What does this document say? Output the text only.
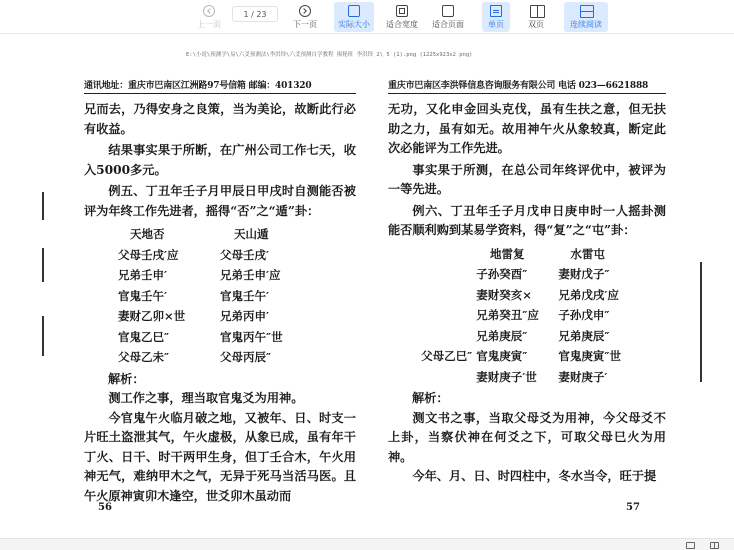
上一页
1 / 23
下一页	实际大小 适合宽度 适合页面	单页	双页	连续阅读
E:\小说\预测学\易\六爻预测法\李洪铎\六爻预测自学教程 揭秘班 李洪铎 2\ 5 (1).png (1225x923x2 png)
通讯地址：重庆市巴南区江洲路97号信箱 邮编：401320
兄而去，乃得安身之良策，当为美论，故断此行必有收益。
结果事实果于所断，在广州公司工作七天，收入5000多元。
例五、丁丑年壬子月甲辰日甲戌时自测能否被评为年终工作先进者，摇得“否”之“遁”卦：
天地否	天山遁
父母壬戌′应	父母壬戌′
兄弟壬申′	兄弟壬申′应
官鬼壬午′	官鬼壬午′
妻财乙卯×世	兄弟丙申′
官鬼乙巳″	官鬼丙午″世
父母乙未″	父母丙辰″
解析：
测工作之事，理当取官鬼爻为用神。
今官鬼午火临月破之地，又被年、日、时支一片旺土盗泄其气，午火虚极，从象已成，虽有年干丁火、日干、时干两甲生身，但丁壬合木，午火用神无气，难纳甲木之气，无异于死马当活马医。且午火原神寅卯木逢空，世爻卯木虽动而
56
重庆市巴南区李洪铎信息咨询服务有限公司 电话 023—6621888
无功，又化申金回头克伐，虽有生扶之意，但无扶助之力，虽有如无。故用神午火从象较真，断定此次必能评为工作先进。
事实果于所测，在总公司年终评优中，被评为一等先进。
例六、丁丑年壬子月戊申日庚申时一人摇卦测能否顺利购到某易学资料，得“复”之“屯”卦：
地雷复	水雷屯
子孙癸酉″	妻财戊子″
妻财癸亥×	兄弟戊戌′应
兄弟癸丑″应	子孙戊申″
兄弟庚辰″	兄弟庚辰″
父母乙巳″ 官鬼庚寅″	官鬼庚寅″世
妻财庚子′世	妻财庚子′
解析：
测文书之事，当取父母爻为用神，今父母爻不上卦，当察伏神在何爻之下，可取父母巳火为用神。
今年、月、日、时四柱中，冬水当令，旺于提
57
